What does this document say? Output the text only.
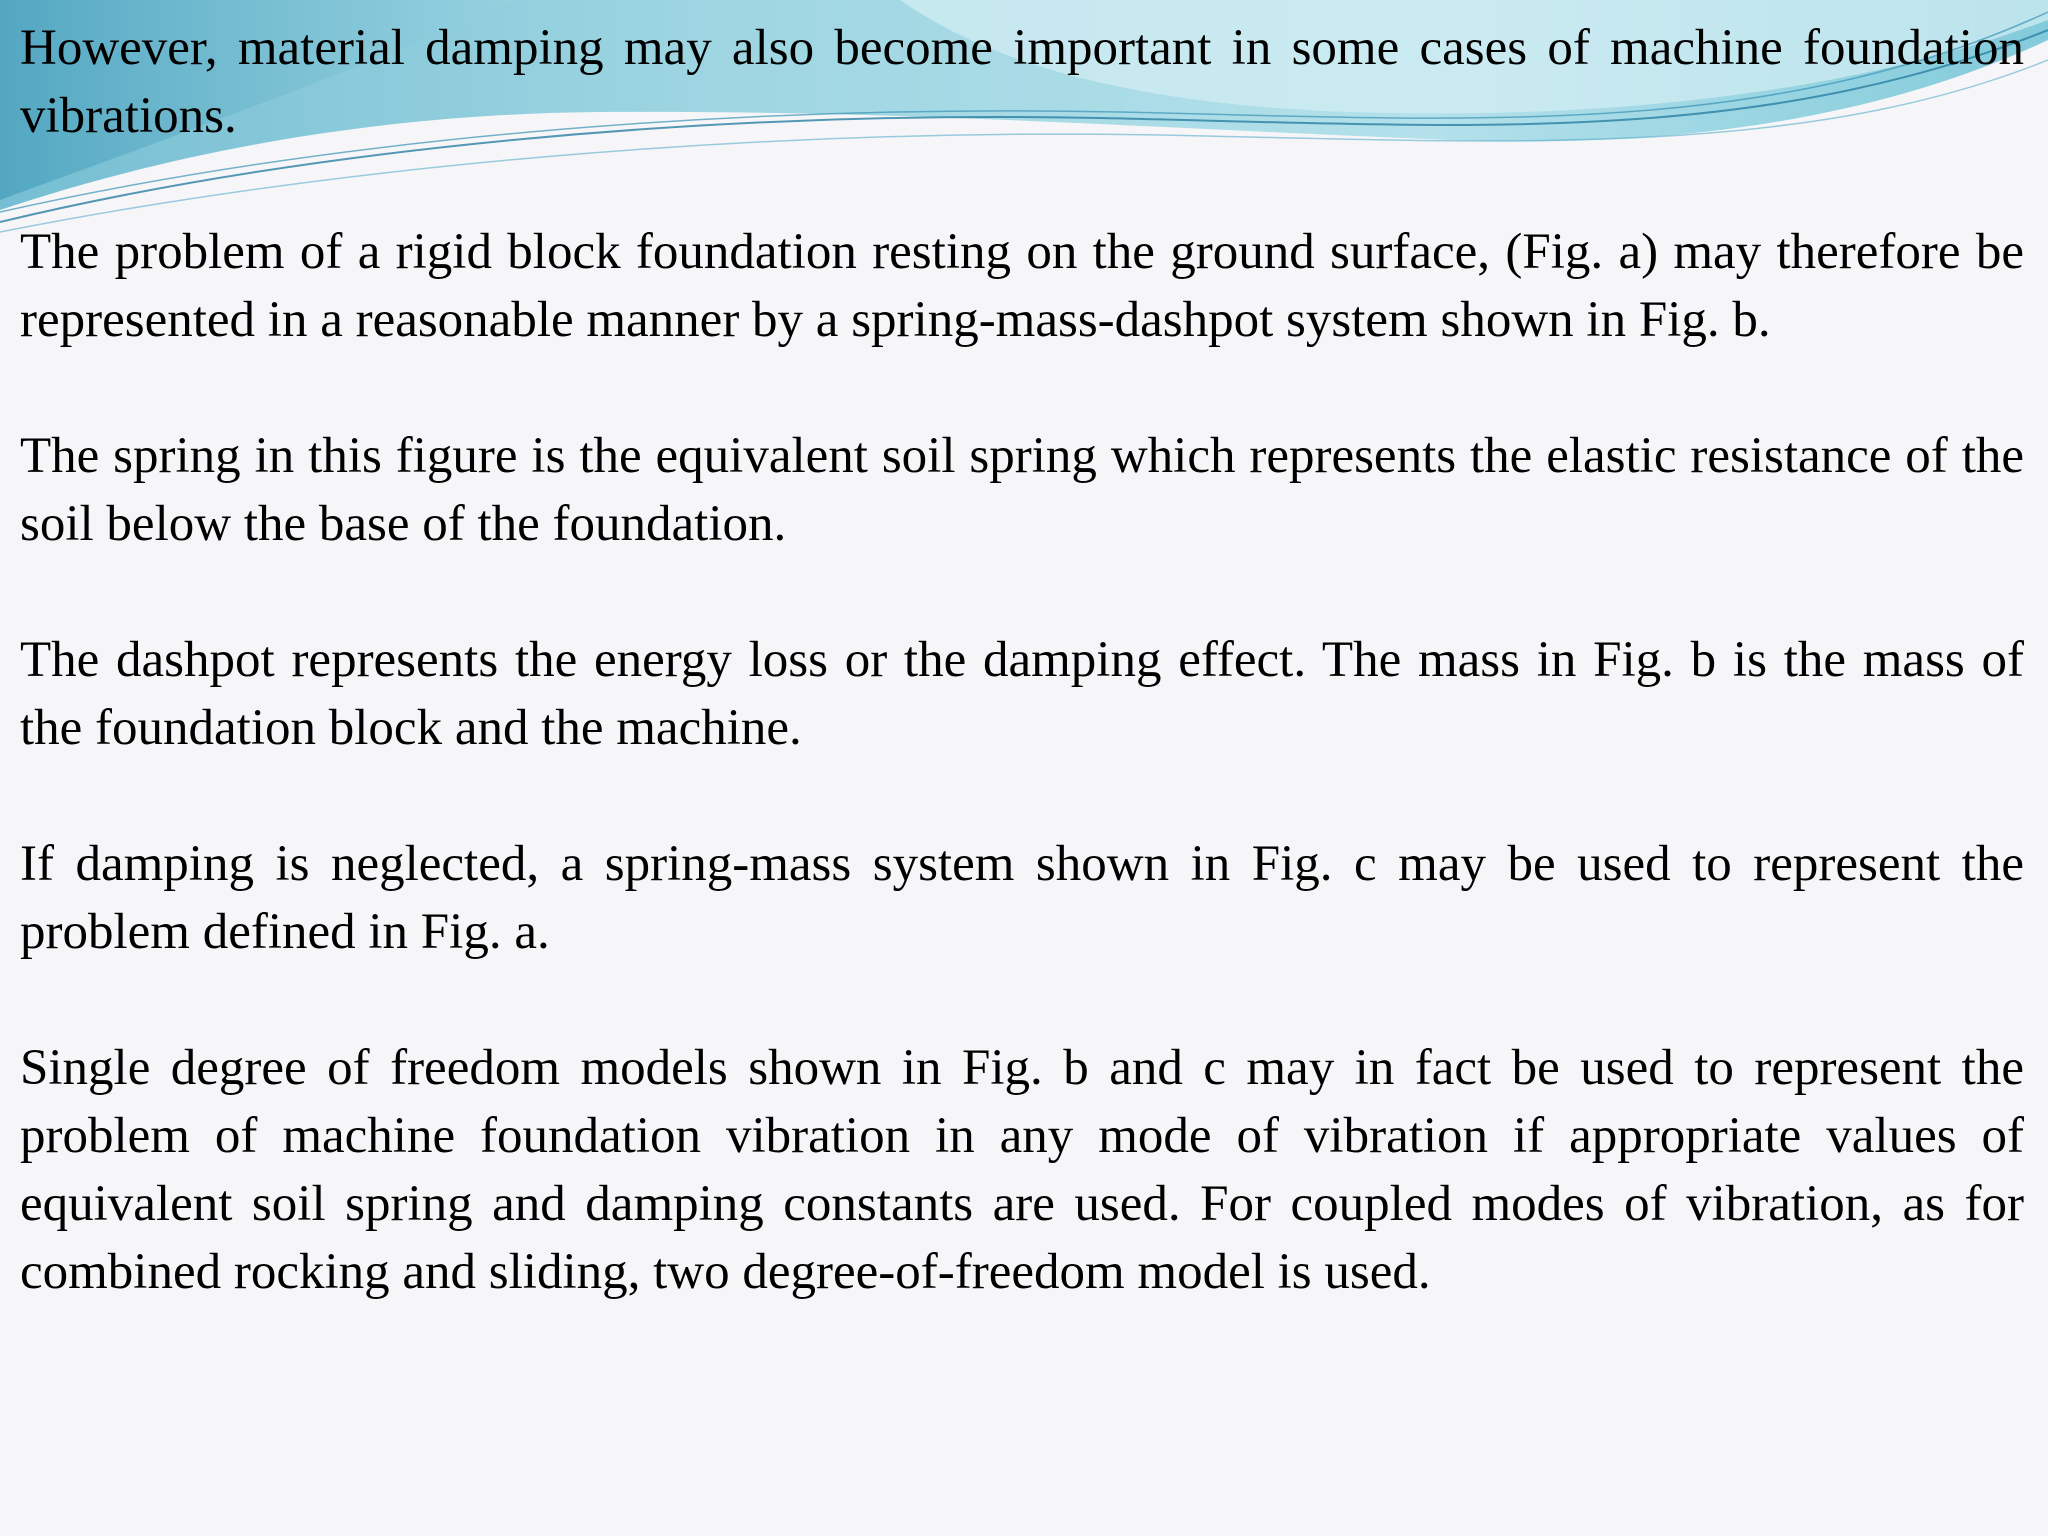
However, material damping may also become important in some cases of machine foundation vibrations.

The problem of a rigid block foundation resting on the ground surface, (Fig. a) may therefore be represented in a reasonable manner by a spring-mass-dashpot system shown in Fig. b.

The spring in this figure is the equivalent soil spring which represents the elastic resistance of the soil below the base of the foundation.

The dashpot represents the energy loss or the damping effect. The mass in Fig. b is the mass of the foundation block and the machine.

If damping is neglected, a spring-mass system shown in Fig. c may be used to represent the problem defined in Fig. a.

Single degree of freedom models shown in Fig. b and c may in fact be used to represent the problem of machine foundation vibration in any mode of vibration if appropriate values of equivalent soil spring and damping constants are used. For coupled modes of vibration, as for combined rocking and sliding, two degree-of-freedom model is used.
